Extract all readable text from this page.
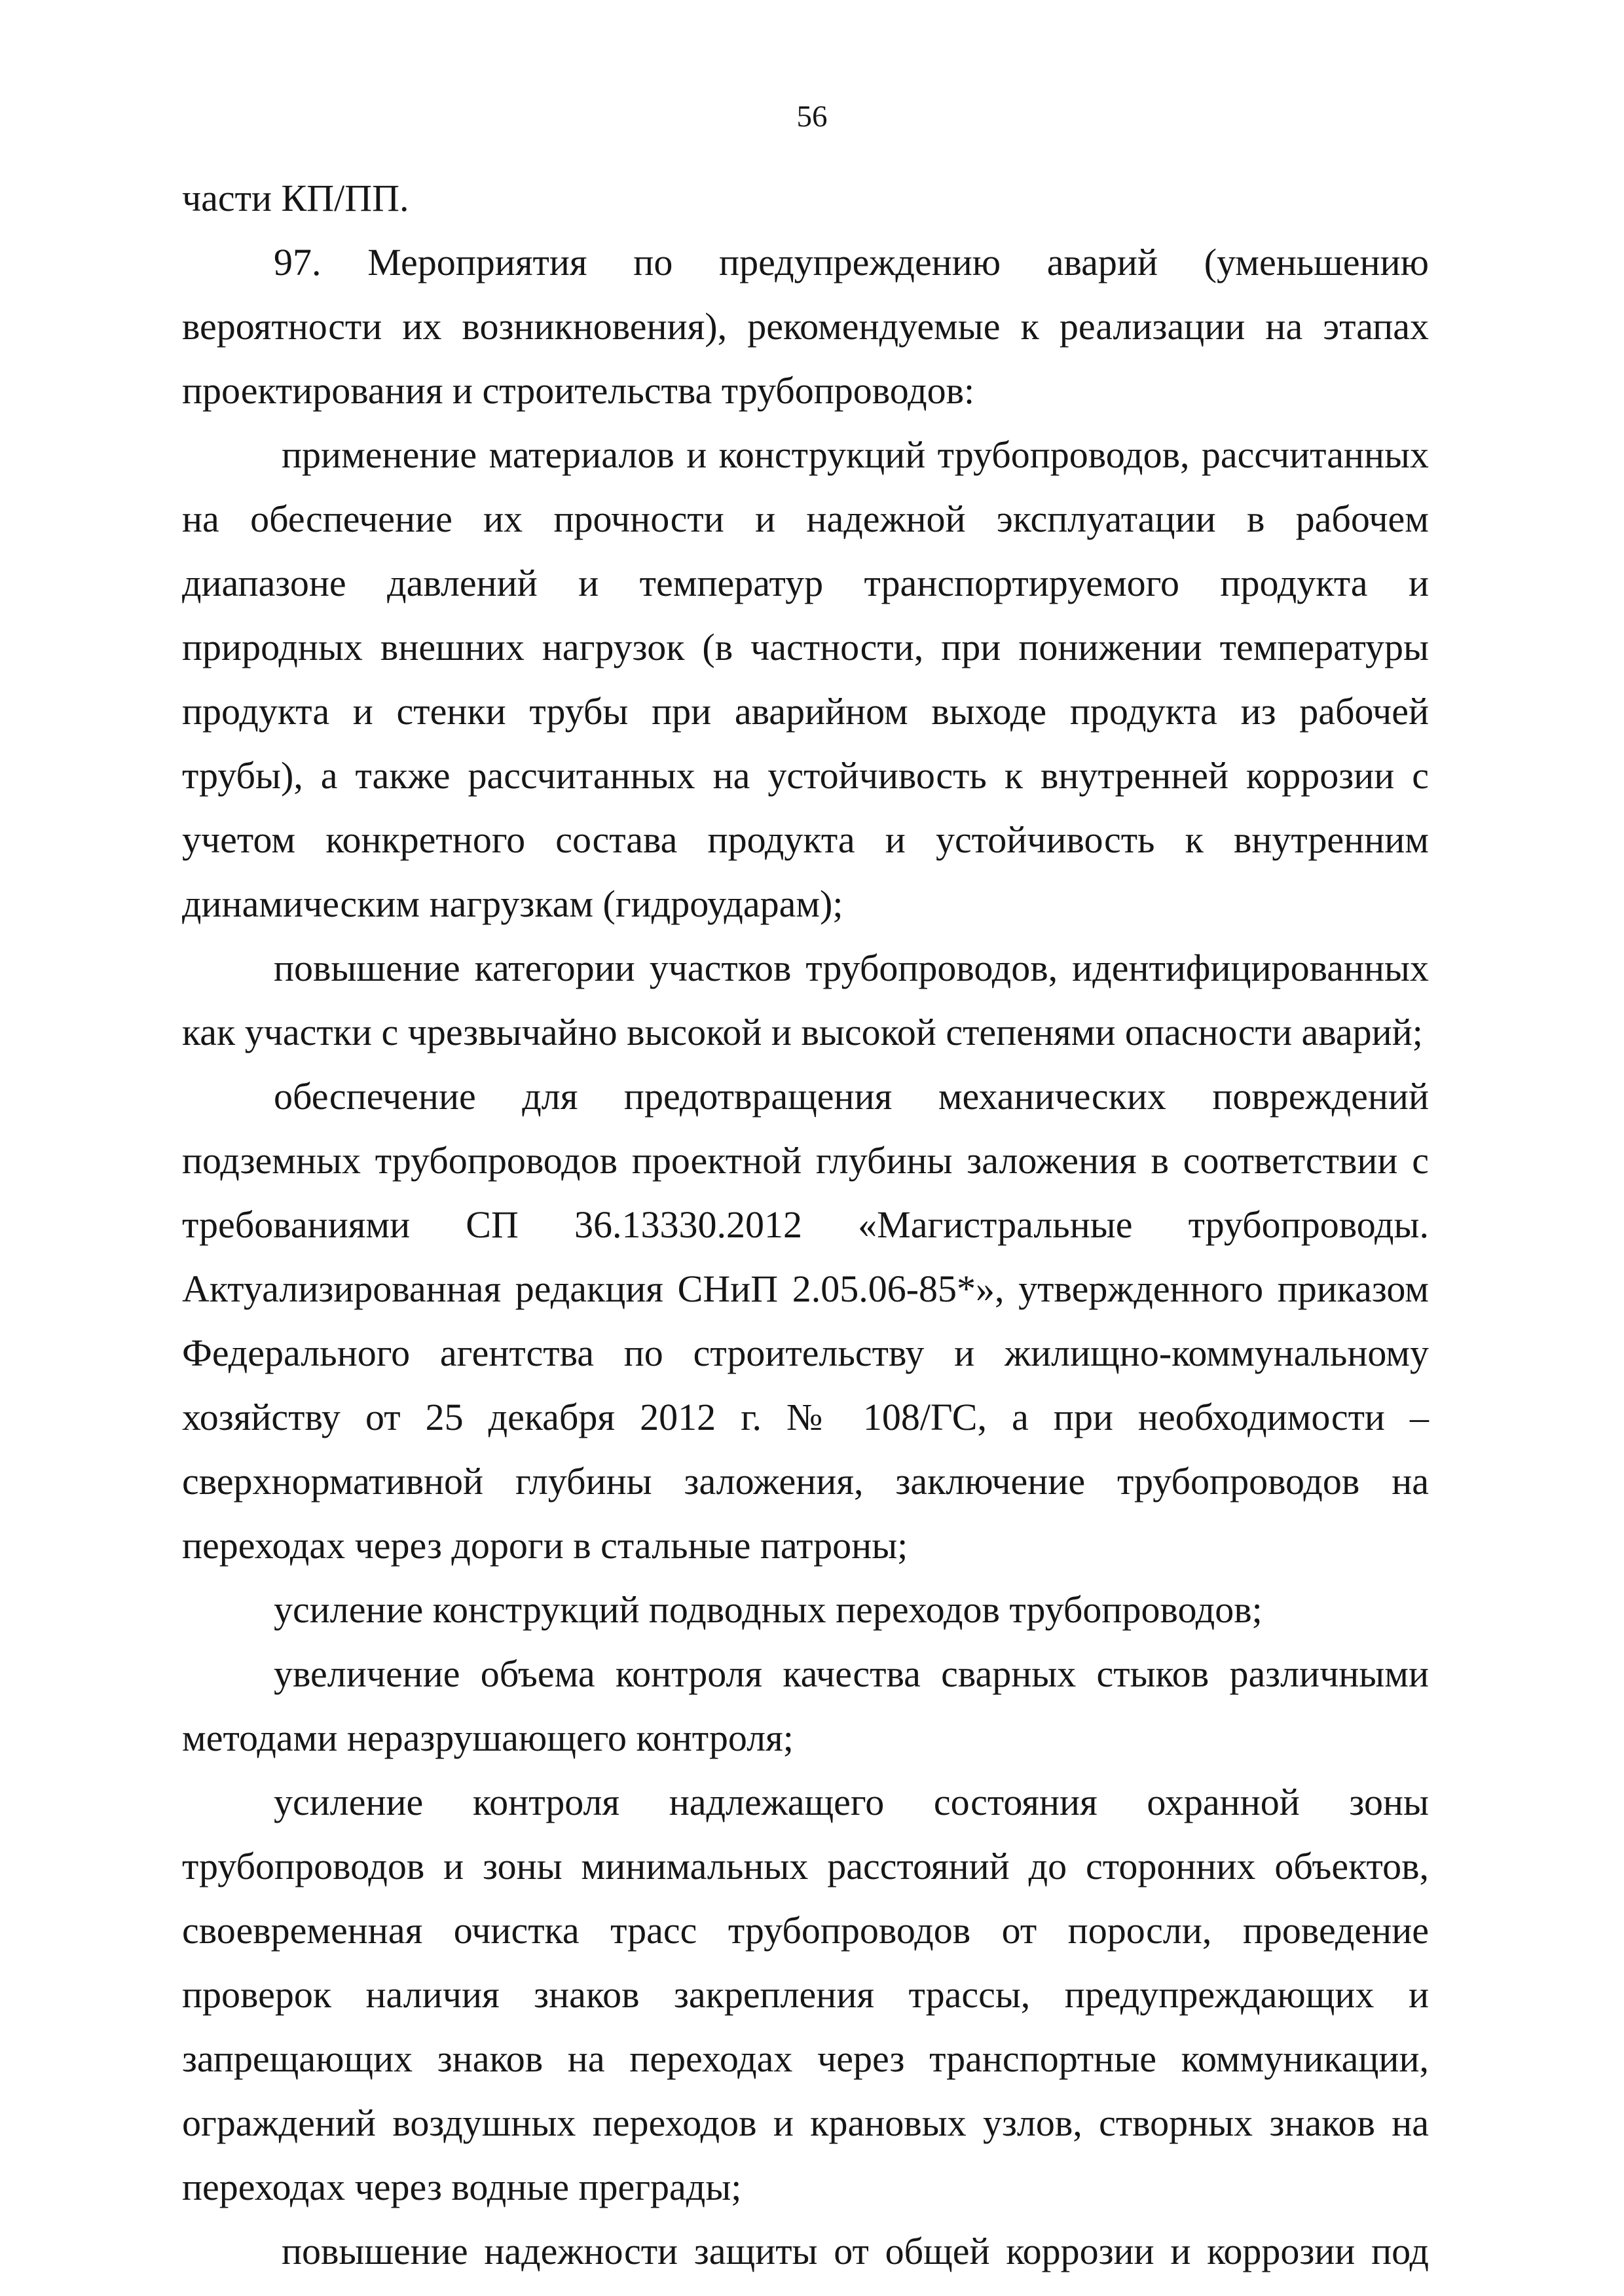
56

части КП/ПП.

97. Мероприятия по предупреждению аварий (уменьшению вероятности их возникновения), рекомендуемые к реализации на этапах проектирования и строительства трубопроводов:

применение материалов и конструкций трубопроводов, рассчитанных на обеспечение их прочности и надежной эксплуатации в рабочем диапазоне давлений и температур транспортируемого продукта и природных внешних нагрузок (в частности, при понижении температуры продукта и стенки трубы при аварийном выходе продукта из рабочей трубы), а также рассчитанных на устойчивость к внутренней коррозии с учетом конкретного состава продукта и устойчивость к внутренним динамическим нагрузкам (гидроударам);

повышение категории участков трубопроводов, идентифицированных как участки с чрезвычайно высокой и высокой степенями опасности аварий;

обеспечение для предотвращения механических повреждений подземных трубопроводов проектной глубины заложения в соответствии с требованиями СП 36.13330.2012 «Магистральные трубопроводы. Актуализированная редакция СНиП 2.05.06-85*», утвержденного приказом Федерального агентства по строительству и жилищно-коммунальному хозяйству от 25 декабря 2012 г. № 108/ГС, а при необходимости – сверхнормативной глубины заложения, заключение трубопроводов на переходах через дороги в стальные патроны;

усиление конструкций подводных переходов трубопроводов;

увеличение объема контроля качества сварных стыков различными методами неразрушающего контроля;

усиление контроля надлежащего состояния охранной зоны трубопроводов и зоны минимальных расстояний до сторонних объектов, своевременная очистка трасс трубопроводов от поросли, проведение проверок наличия знаков закрепления трассы, предупреждающих и запрещающих знаков на переходах через транспортные коммуникации, ограждений воздушных переходов и крановых узлов, створных знаков на переходах через водные преграды;

повышение надежности защиты от общей коррозии и коррозии под
